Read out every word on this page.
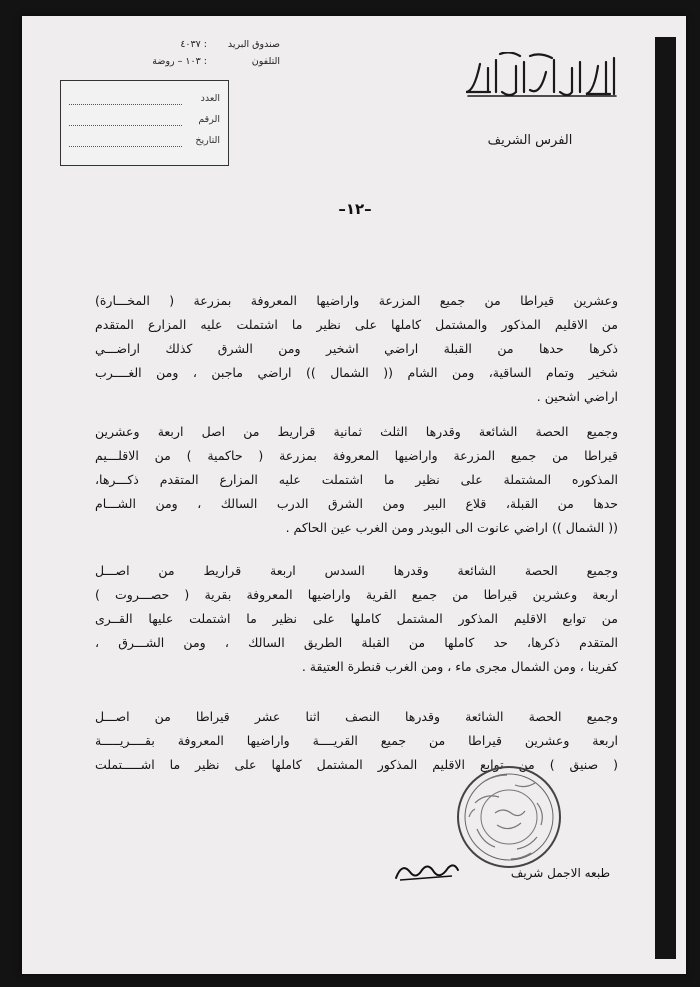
الفرس الشريف
صندوق البريد : ٤٠٣٧
التلفون : ١٠٣ – روضة
العدد
الرقم
التاريخ
–١٢–
وعشرين قيراطا من جميع المزرعة واراضيها المعروفة بمزرعة ( المخـــارة)
من الاقليم المذكور والمشتمل كاملها على نظير ما اشتملت عليه المزارع المتقدم
ذكرها حدها من القبلة اراضي اشخير ومن الشرق كذلك اراضـــي
شخير وتمام الساقية، ومن الشام (( الشمال )) اراضي ماجبن ، ومن الغــــرب
اراضي اشحين .
وجميع الحصة الشائعة وقدرها الثلث ثمانية قراريط من اصل اربعة وعشرين
قيراطا من جميع المزرعة واراضيها المعروفة بمزرعة ( حاكمية ) من الاقلـــيم
المذكوره المشتملة على نظير ما اشتملت عليه المزارع المتقدم ذكـــرها،
حدها من القبلة، قلاع البير ومن الشرق الدرب السالك ، ومن الشـــام
(( الشمال )) اراضي عانوت الى البويدر ومن الغرب عين الحاكم .
وجميع الحصة الشائعة وقدرها السدس اربعة قراريط من اصـــل
اربعة وعشرين قيراطا من جميع القرية واراضيها المعروفة بقرية ( حصـــروت )
من توابع الاقليم المذكور المشتمل كاملها على نظير ما اشتملت عليها القــرى
المتقدم ذكرها، حد كاملها من القبلة الطريق السالك ، ومن الشـــرق ،
كفرينا ، ومن الشمال مجرى ماء ، ومن الغرب قنطرة العتيقة .
وجميع الحصة الشائعة وقدرها النصف اثنا عشر قيراطا من اصـــل
اربعة وعشرين قيراطا من جميع القريــــة واراضيها المعروفة بقــــريـــــة
( صنيق ) من توابع الاقليم المذكور المشتمل كاملها على نظير ما اشـــــتملت
طبعه الاجمل شريف
